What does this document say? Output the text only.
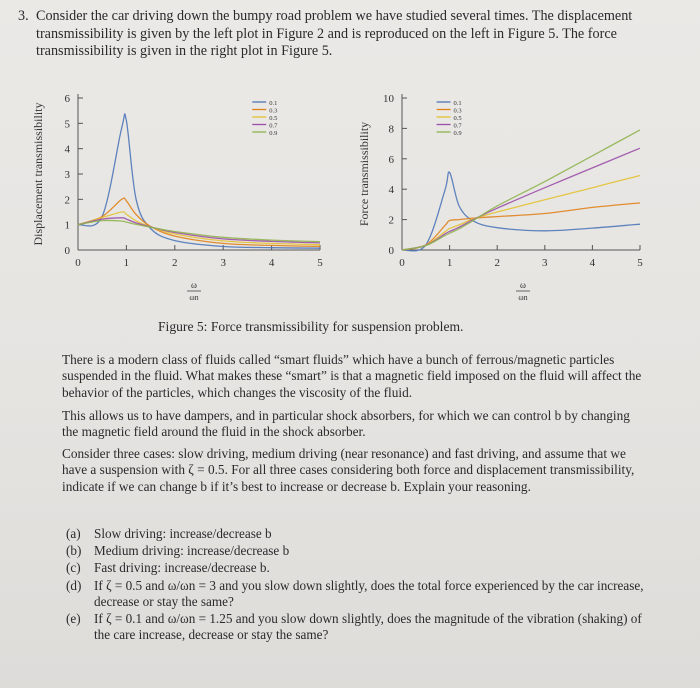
3. Consider the car driving down the bumpy road problem we have studied several times. The displacement transmissibility is given by the left plot in Figure 2 and is reproduced on the left in Figure 5. The force transmissibility is given in the right plot in Figure 5.
0
1
2
3
4
5
6
0	1	2	3	4	5
Displacement transmissibility
ω
ωn
0.1
0.3
0.5
0.7
0.9
0
2
4
6
8
10
0	1	2	3	4	5
Force transmissibility
ω
ωn
0.1
0.3
0.5
0.7
0.9
Figure 5: Force transmissibility for suspension problem.
There is a modern class of fluids called “smart fluids” which have a bunch of ferrous/magnetic particles suspended in the fluid. What makes these “smart” is that a magnetic field imposed on the fluid will affect the behavior of the particles, which changes the viscosity of the fluid.
This allows us to have dampers, and in particular shock absorbers, for which we can control b by changing the magnetic field around the fluid in the shock absorber.
Consider three cases: slow driving, medium driving (near resonance) and fast driving, and assume that we have a suspension with ζ = 0.5. For all three cases considering both force and displacement transmissibility, indicate if we can change b if it’s best to increase or decrease b. Explain your reasoning.
(a) Slow driving: increase/decrease b
(b) Medium driving: increase/decrease b
(c) Fast driving: increase/decrease b.
(d) If ζ = 0.5 and ω/ωn = 3 and you slow down slightly, does the total force experienced by the car increase, decrease or stay the same?
(e) If ζ = 0.1 and ω/ωn = 1.25 and you slow down slightly, does the magnitude of the vibration (shaking) of the care increase, decrease or stay the same?
